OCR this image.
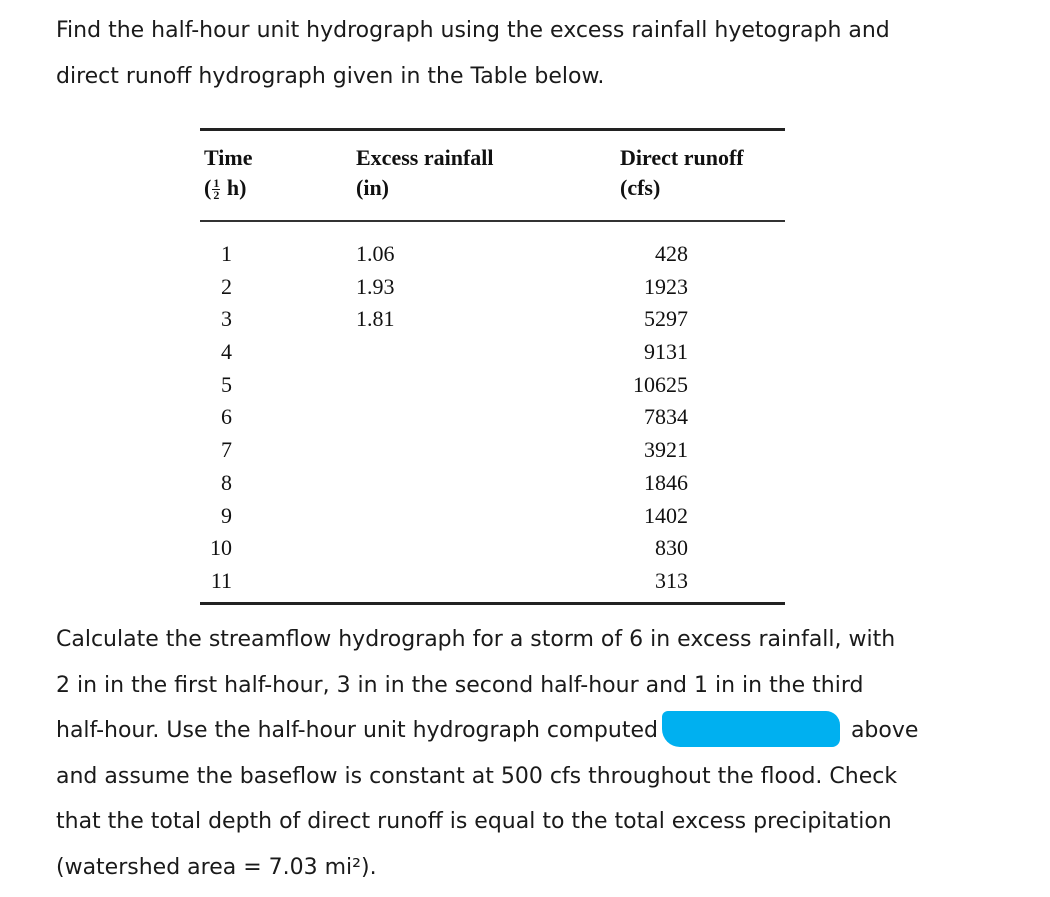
Find the half-hour unit hydrograph using the excess rainfall hyetograph and

direct runoff hydrograph given in the Table below.

Time
( $\frac{1}{2} h$)
Excess rainfall
(in)
Direct runoff
(cfs)
1
2
3
4
5
6
7
8
9
10
11
1.06
1.93
1.81
428
1923
5297
9131
10625
7834
3921
1846
1402
830
313
Calculate the streamflow hydrograph for a storm of 6 in excess rainfall, with
2 in in the first half-hour, 3 in in the second half-hour and 1 in in the third
half-hour. Use the half-hour unit hydrograph computed	above
and assume the baseflow is constant at 500 cfs throughout the flood. Check
that the total depth of direct runoff is equal to the total excess precipitation
(watershed area = 7.03 mi²).
